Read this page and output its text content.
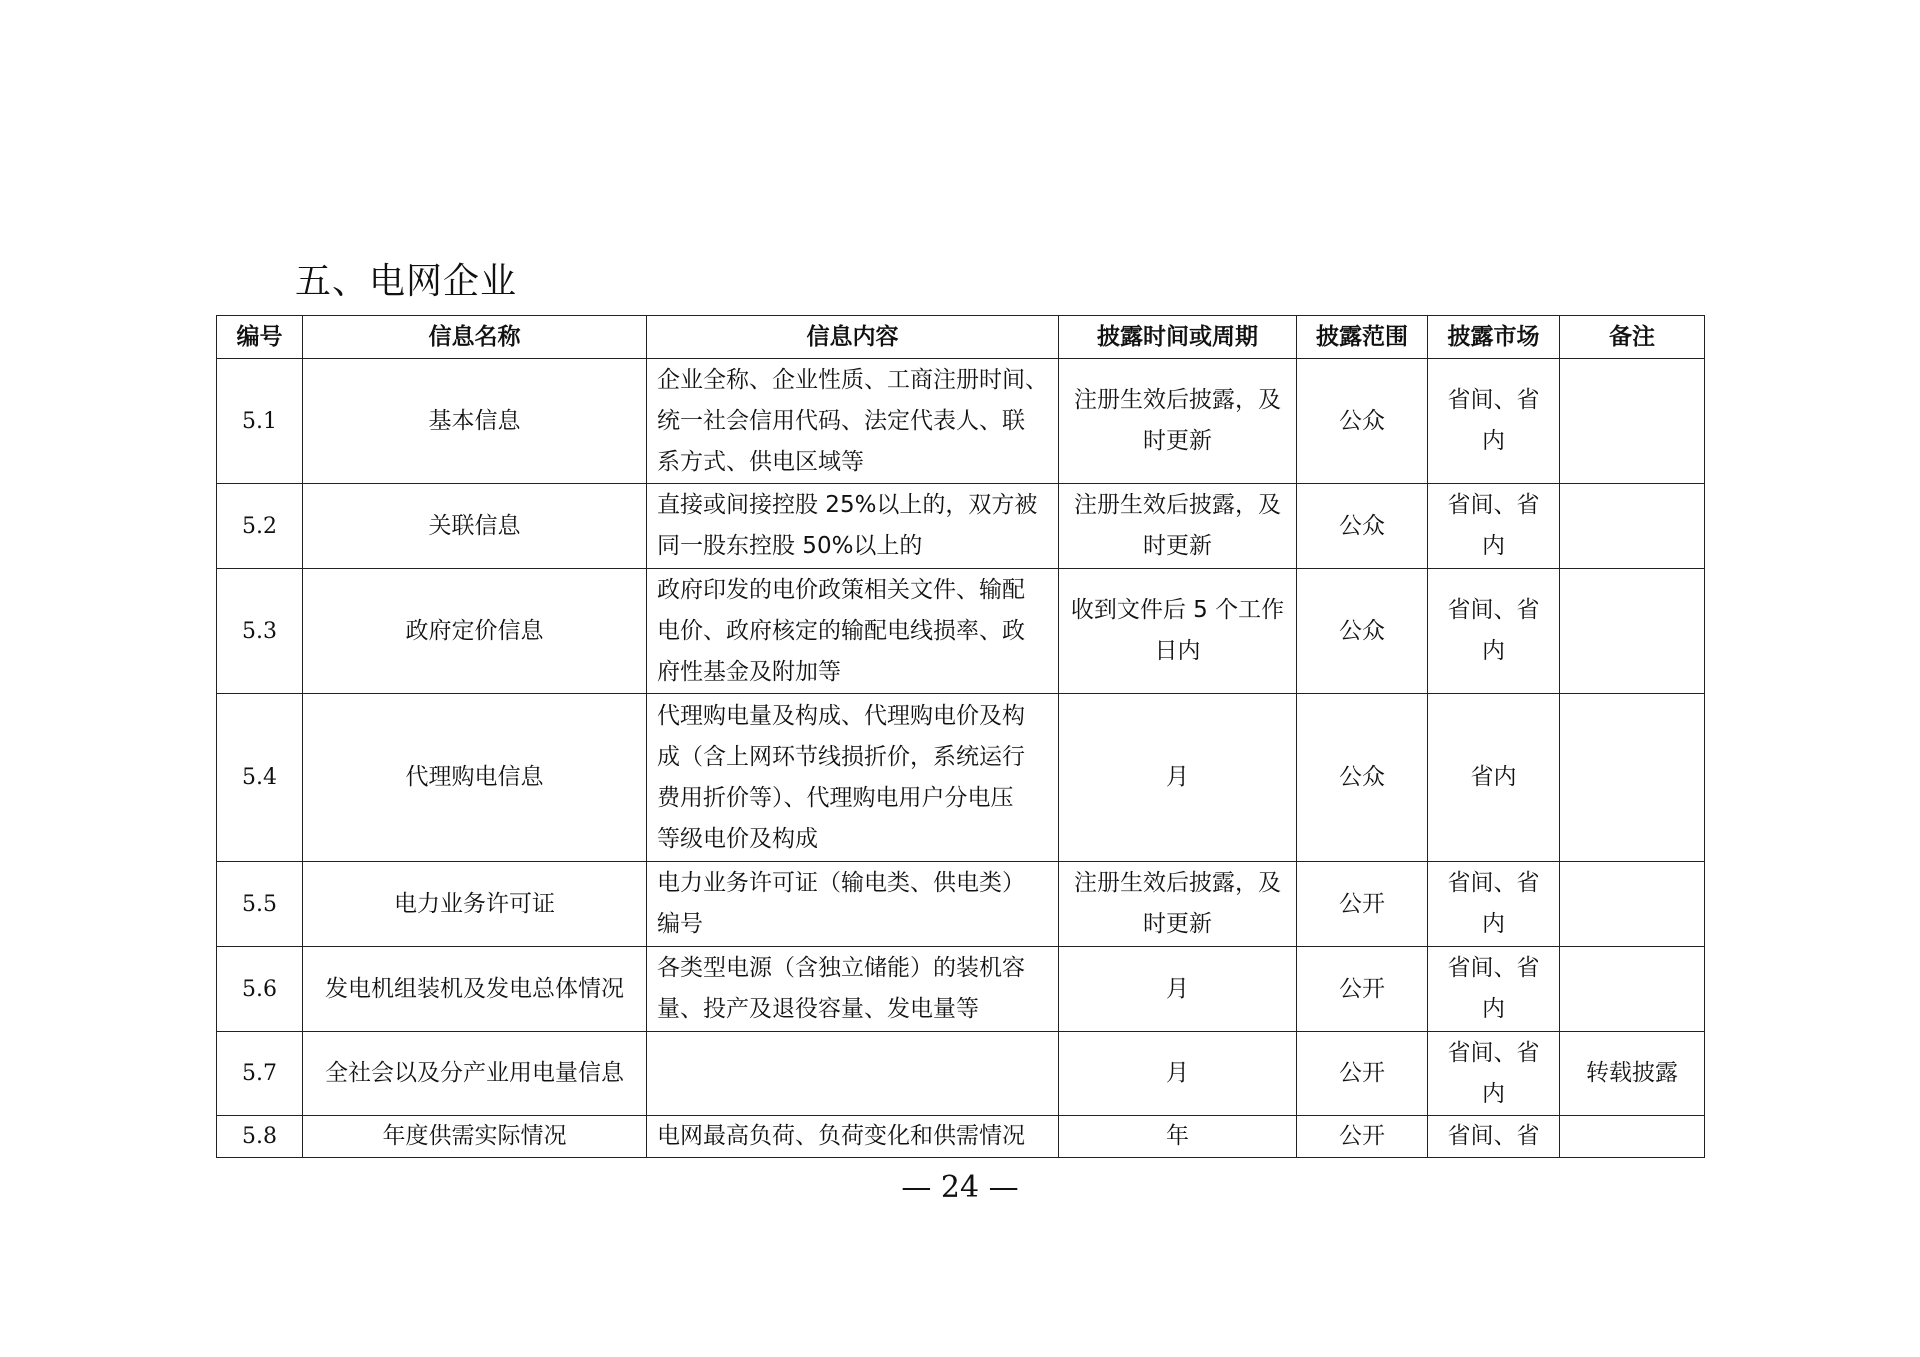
五、电网企业
编号	信息名称	信息内容	披露时间或周期	披露范围	披露市场	备注
5.1	基本信息	企业全称、企业性质、工商注册时间、
统一社会信用代码、法定代表人、联
系方式、供电区域等	注册生效后披露，及
时更新	公众	省间、省
内	

5.2	关联信息	直接或间接控股 25%以上的，双方被
同一股东控股 50%以上的	注册生效后披露，及
时更新	公众	省间、省
内	

5.3	政府定价信息	政府印发的电价政策相关文件、输配
电价、政府核定的输配电线损率、政
府性基金及附加等	收到文件后 5 个工作
日内	公众	省间、省
内	

5.4	代理购电信息	代理购电量及构成、代理购电价及构
成（含上网环节线损折价，系统运行
费用折价等）、代理购电用户分电压
等级电价及构成	月	公众	省内	

5.5	电力业务许可证	电力业务许可证（输电类、供电类）
编号	注册生效后披露，及
时更新	公开	省间、省
内	

5.6	发电机组装机及发电总体情况	各类型电源（含独立储能）的装机容
量、投产及退役容量、发电量等	月	公开	省间、省
内	

5.7	全社会以及分产业用电量信息		月	公开	省间、省
内	转载披露
5.8	年度供需实际情况	电网最高负荷、负荷变化和供需情况	年	公开	省间、省	

— 24 —
